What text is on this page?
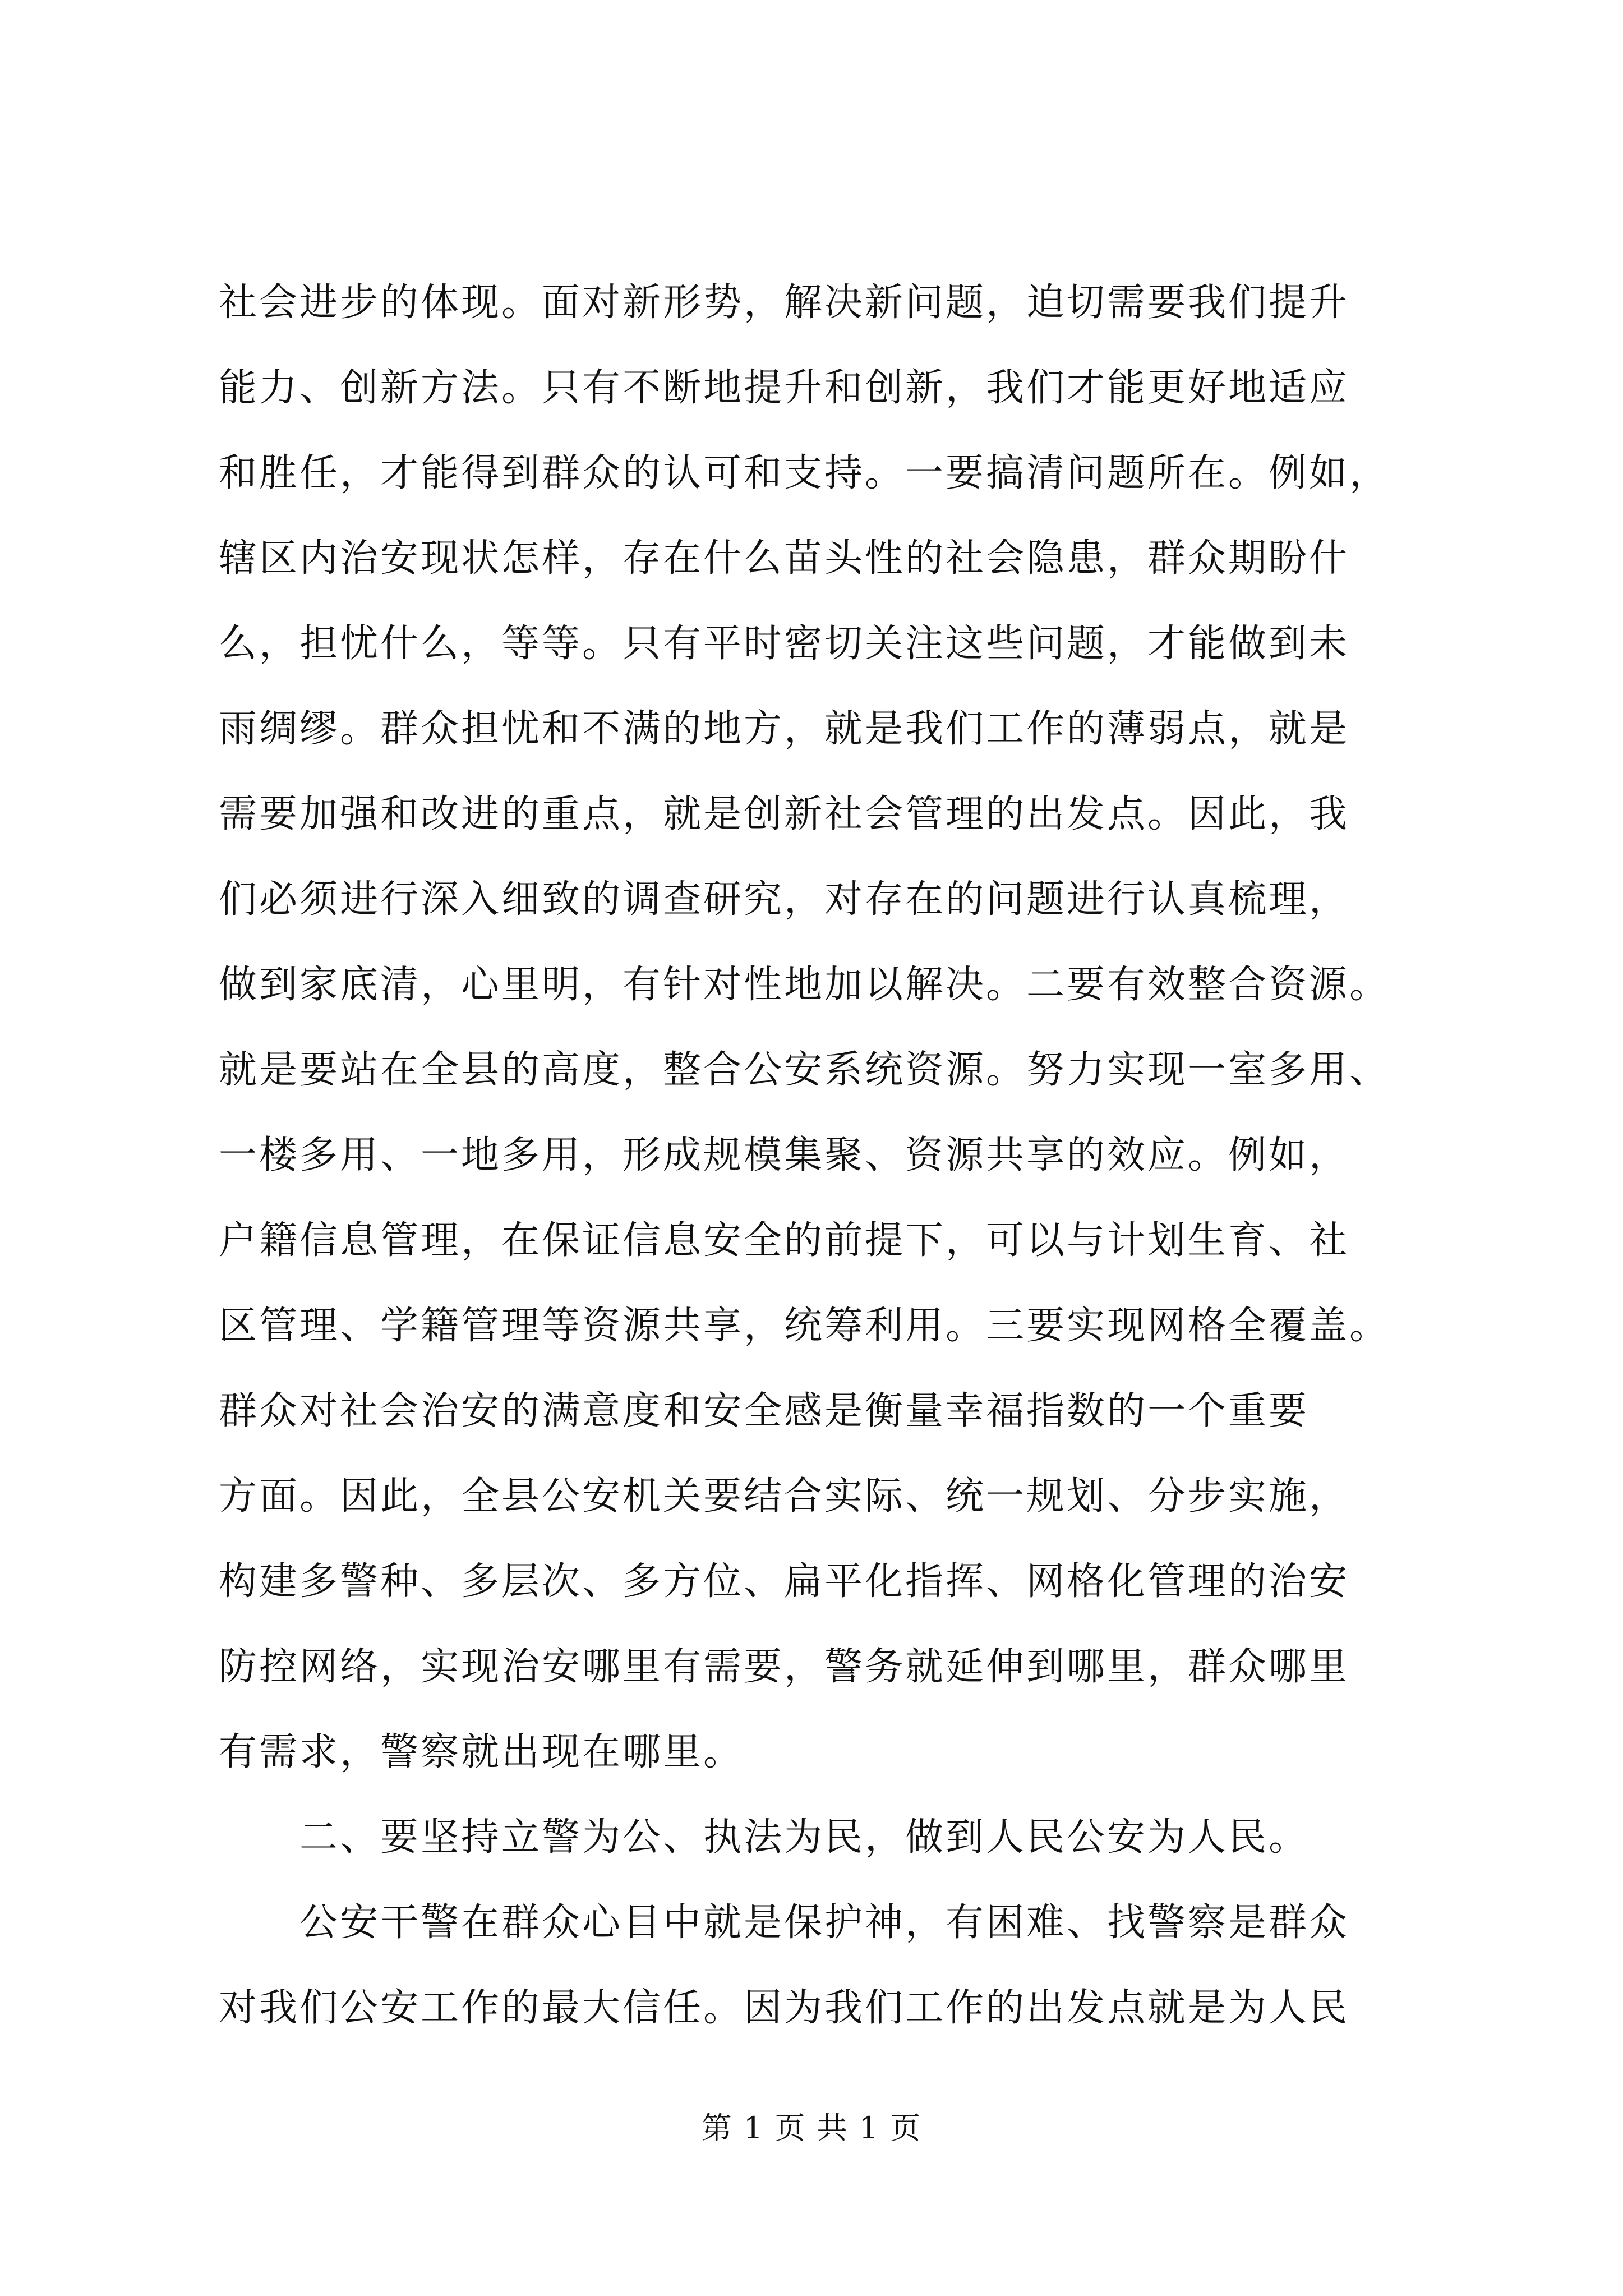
社会进步的体现。面对新形势，解决新问题，迫切需要我们提升
能力、创新方法。只有不断地提升和创新，我们才能更好地适应
和胜任，才能得到群众的认可和支持。一要搞清问题所在。例如，
辖区内治安现状怎样，存在什么苗头性的社会隐患，群众期盼什
么，担忧什么，等等。只有平时密切关注这些问题，才能做到未
雨绸缪。群众担忧和不满的地方，就是我们工作的薄弱点，就是
需要加强和改进的重点，就是创新社会管理的出发点。因此，我
们必须进行深入细致的调查研究，对存在的问题进行认真梳理，
做到家底清，心里明，有针对性地加以解决。二要有效整合资源。
就是要站在全县的高度，整合公安系统资源。努力实现一室多用、
一楼多用、一地多用，形成规模集聚、资源共享的效应。例如，
户籍信息管理，在保证信息安全的前提下，可以与计划生育、社
区管理、学籍管理等资源共享，统筹利用。三要实现网格全覆盖。
群众对社会治安的满意度和安全感是衡量幸福指数的一个重要
方面。因此，全县公安机关要结合实际、统一规划、分步实施，
构建多警种、多层次、多方位、扁平化指挥、网格化管理的治安
防控网络，实现治安哪里有需要，警务就延伸到哪里，群众哪里
有需求，警察就出现在哪里。
　　二、要坚持立警为公、执法为民，做到人民公安为人民。
　　公安干警在群众心目中就是保护神，有困难、找警察是群众
对我们公安工作的最大信任。因为我们工作的出发点就是为人民
第 1 页 共 1 页
